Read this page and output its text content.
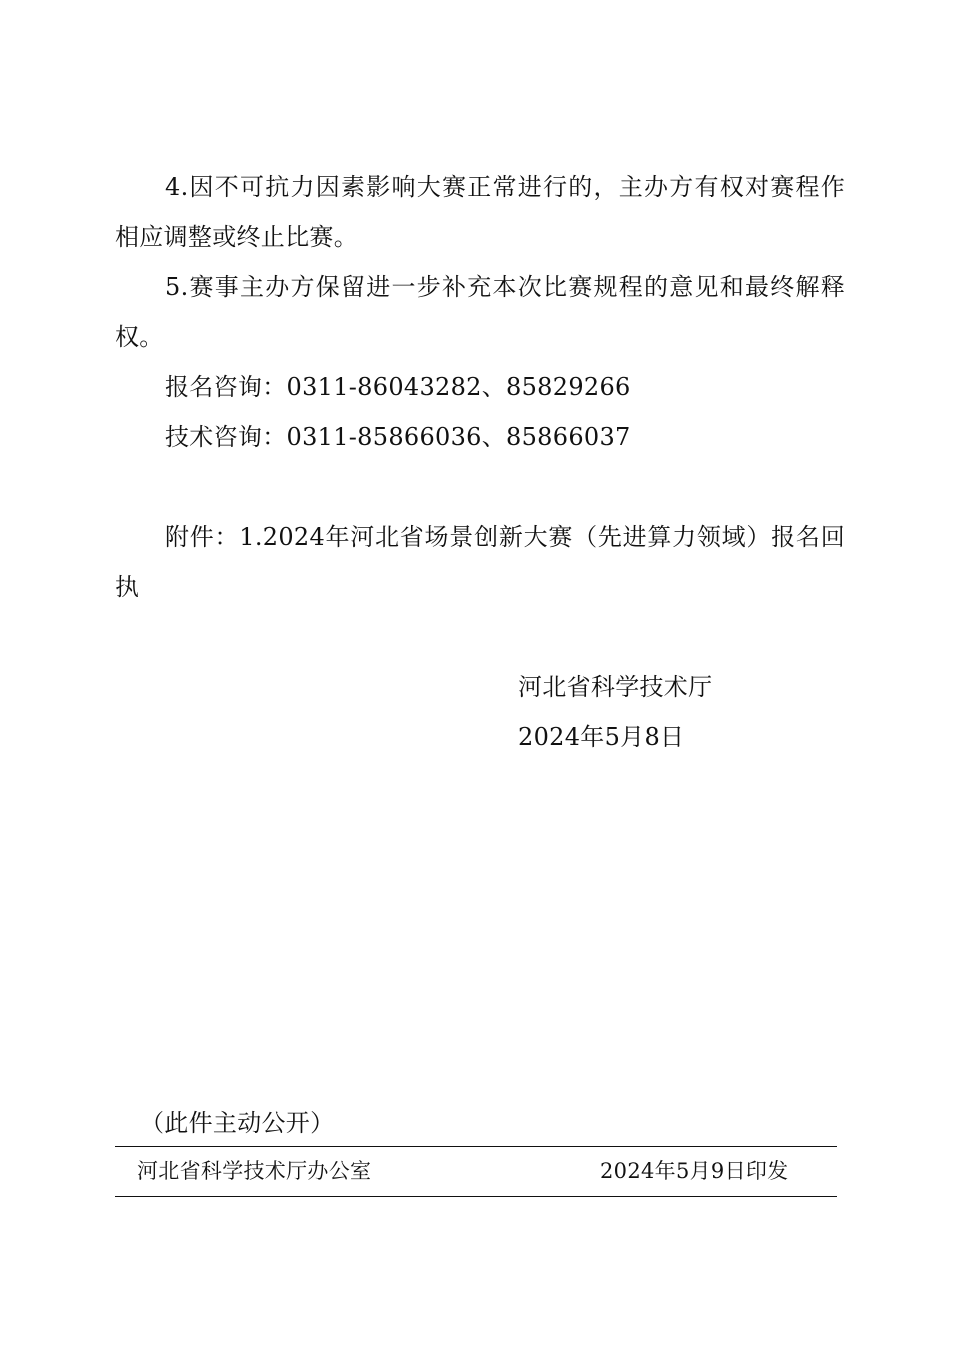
4.因不可抗力因素影响大赛正常进行的，主办方有权对赛程作
相应调整或终止比赛。
5.赛事主办方保留进一步补充本次比赛规程的意见和最终解释
权。
报名咨询：0311-86043282、85829266
技术咨询：0311-85866036、85866037
附件：1.2024年河北省场景创新大赛（先进算力领域）报名回
执
河北省科学技术厅
2024年5月8日
（此件主动公开）
河北省科学技术厅办公室	2024年5月9日印发
